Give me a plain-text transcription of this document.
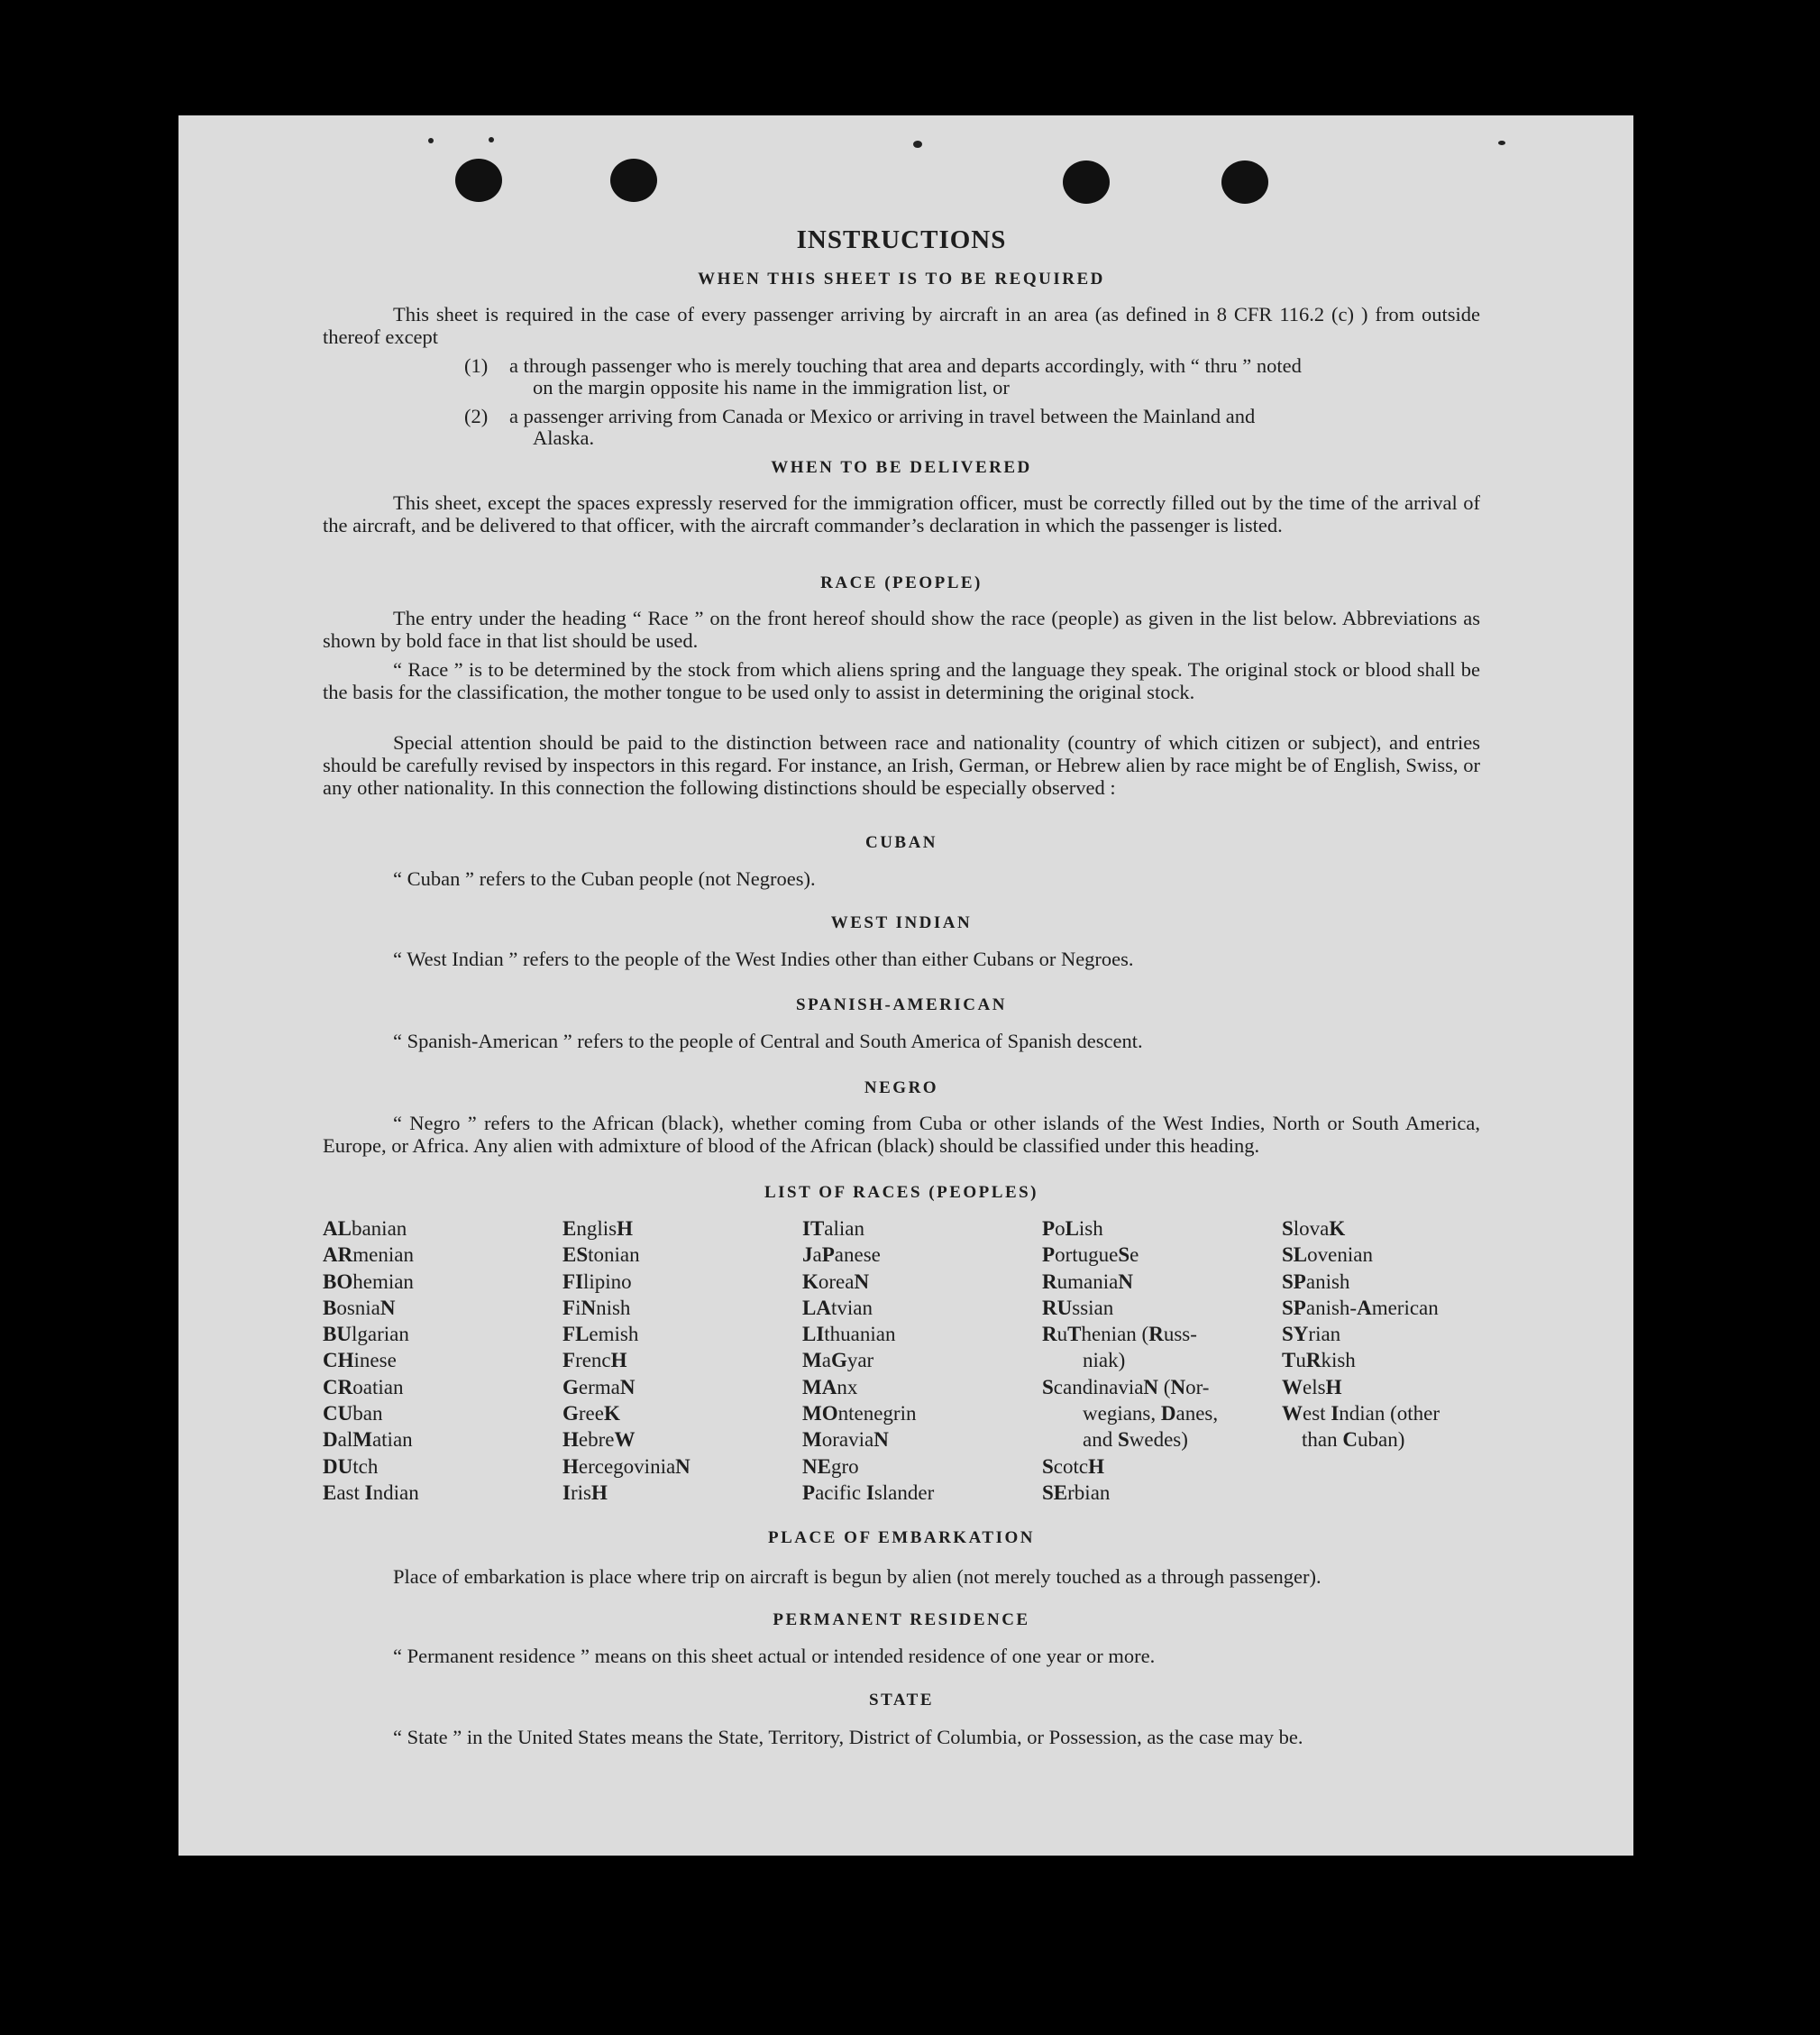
INSTRUCTIONS
WHEN THIS SHEET IS TO BE REQUIRED
This sheet is required in the case of every passenger arriving by aircraft in an area (as defined in 8 CFR 116.2 (c) ) from outside thereof except
(1) a through passenger who is merely touching that area and departs accordingly, with “ thru ” noted
on the margin opposite his name in the immigration list, or
(2) a passenger arriving from Canada or Mexico or arriving in travel between the Mainland and
Alaska.
WHEN TO BE DELIVERED
This sheet, except the spaces expressly reserved for the immigration officer, must be correctly filled out by the time of the arrival of the aircraft, and be delivered to that officer, with the aircraft commander’s declaration in which the passenger is listed.
RACE (PEOPLE)
The entry under the heading “ Race ” on the front hereof should show the race (people) as given in the list below. Abbreviations as shown by bold face in that list should be used.
“ Race ” is to be determined by the stock from which aliens spring and the language they speak. The original stock or blood shall be the basis for the classification, the mother tongue to be used only to assist in determining the original stock.
Special attention should be paid to the distinction between race and nationality (country of which citizen or subject), and entries should be carefully revised by inspectors in this regard. For instance, an Irish, German, or Hebrew alien by race might be of English, Swiss, or any other nationality. In this connection the following distinctions should be especially observed :
CUBAN
“ Cuban ” refers to the Cuban people (not Negroes).
WEST INDIAN
“ West Indian ” refers to the people of the West Indies other than either Cubans or Negroes.
SPANISH-AMERICAN
“ Spanish-American ” refers to the people of Central and South America of Spanish descent.
NEGRO
“ Negro ” refers to the African (black), whether coming from Cuba or other islands of the West Indies, North or South America, Europe, or Africa. Any alien with admixture of blood of the African (black) should be classified under this heading.
LIST OF RACES (PEOPLES)
ALbanian
ARmenian
BOhemian
BosniaN
BUlgarian
CHinese
CRoatian
CUban
DalMatian
DUtch
East Indian
EnglisH
EStonian
FIlipino
FiNnish
FLemish
FrencH
GermaN
GreeK
HebreW
HercegoviniaN
IrisH
ITalian
JaPanese
KoreaN
LAtvian
LIthuanian
MaGyar
MAnx
MOntenegrin
MoraviaN
NEgro
Pacific Islander
PoLish
PortugueSe
RumaniaN
RUssian
RuThenian (Russ-
niak)
ScandinaviaN (Nor-
wegians, Danes,
and Swedes)
ScotcH
SErbian
SlovaK
SLovenian
SPanish
SPanish-American
SYrian
TuRkish
WelsH
West Indian (other
than Cuban)
PLACE OF EMBARKATION
Place of embarkation is place where trip on aircraft is begun by alien (not merely touched as a through passenger).
PERMANENT RESIDENCE
“ Permanent residence ” means on this sheet actual or intended residence of one year or more.
STATE
“ State ” in the United States means the State, Territory, District of Columbia, or Possession, as the case may be.
